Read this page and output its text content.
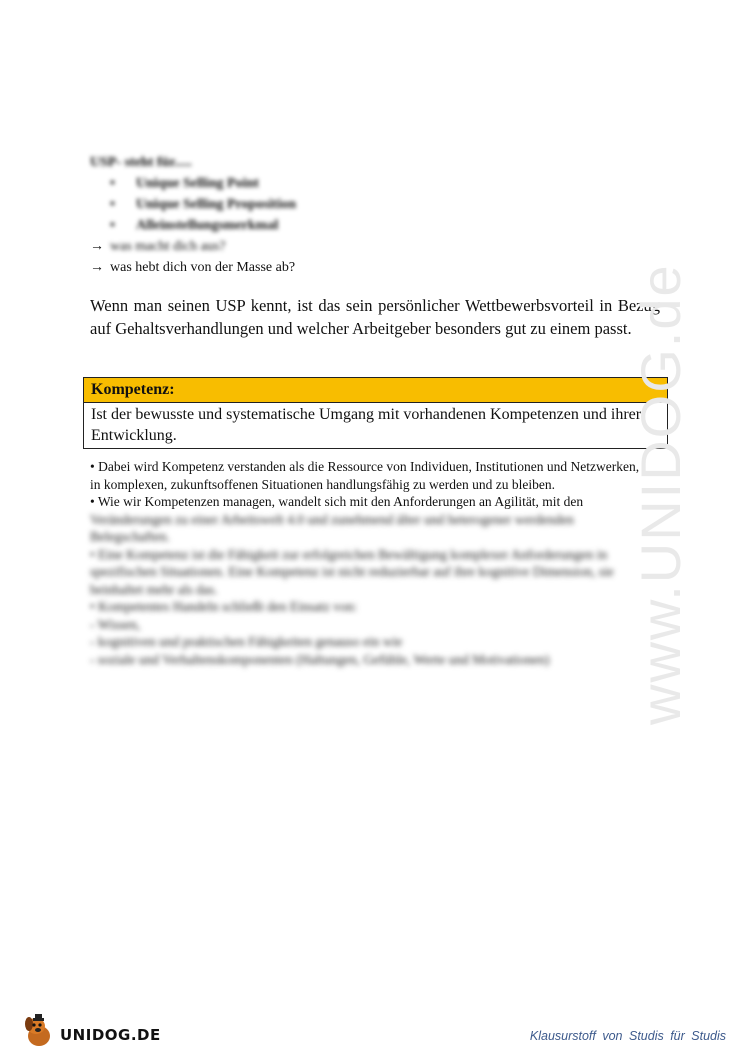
USP- steht für.....
• Unique Selling Point
• Unique Selling Proposition
• Alleinstellungsmerkmal
→ was macht dich aus?
→ was hebt dich von der Masse ab?
Wenn man seinen USP kennt, ist das sein persönlicher Wettbewerbsvorteil in Bezug auf Gehaltsverhandlungen und welcher Arbeitgeber besonders gut zu einem passt.
Kompetenz:
Ist der bewusste und systematische Umgang mit vorhandenen Kompetenzen und ihrer Entwicklung.

• Dabei wird Kompetenz verstanden als die Ressource von Individuen, Institutionen und Netzwerken, in komplexen, zukunftsoffenen Situationen handlungsfähig zu werden und zu bleiben.

• Wie wir Kompetenzen managen, wandelt sich mit den Anforderungen an Agilität, mit den

Veränderungen zu einer Arbeitswelt 4.0 und zunehmend älter und heterogener werdenden Belegschaften.

• Eine Kompetenz ist die Fähigkeit zur erfolgreichen Bewältigung komplexer Anforderungen in spezifischen Situationen. Eine Kompetenz ist nicht reduzierbar auf ihre kognitive Dimension, sie beinhaltet mehr als das.

• Kompetentes Handeln schließt den Einsatz von:

- Wissen,

- kognitiven und praktischen Fähigkeiten genauso ein wie

- soziale und Verhaltenskomponenten (Haltungen, Gefühle, Werte und Motivationen)	www.UNIDOG.de
UNIDOG.DE	Klausurstoff von Studis für Studis
